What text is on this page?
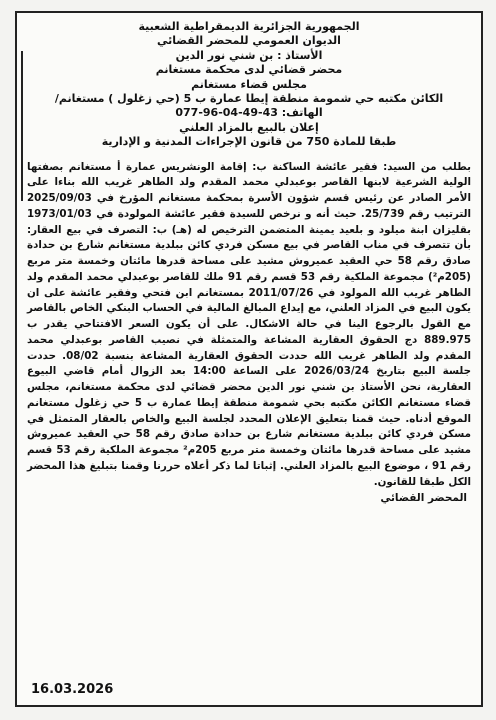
الجمهورية الجزائرية الديمقراطية الشعبية
الديوان العمومي للمحضر القضائي
الأستاذ : بن شني نور الدين
محضر قضائي لدى محكمة مستغانم
مجلس قضاء مستغانم
الكائن مكتبه حي شمومة منطقة إيطا عمارة ب 5 (حي زغلول ) مستغانم/
الهاتف: 43-49-04-96-077
إعلان بالبيع بالمزاد العلني
طبقا للمادة 750 من قانون الإجراءات المدنية و الإدارية
بطلب من السيد: فقير عائشة الساكنة ب: إقامة الونشريس عمارة أ مستغانم بصفتها الولية الشرعية لابنها القاصر بوعبدلي محمد المقدم ولد الطاهر غريب الله بناءا على الأمر الصادر عن رئيس قسم شؤون الأسرة بمحكمة مستغانم المؤرخ في 2025/09/03 الترتيب رقم 25/739. حيث أنه و نرخص للسيدة فقير عائشة المولودة في 1973/01/03 بقليزان ابنة ميلود و بلعيد يمينة المتضمن الترخيص له (هـ) ب: التصرف في بيع العقار: بأن تتصرف في مناب القاصر في بيع مسكن فردي كائن ببلدية مستغانم شارع بن حدادة صادق رقم 58 حي العقيد عميروش مشيد على مساحة قدرها مائتان وخمسة متر مربع (205م²) مجموعة الملكية رقم 53 قسم رقم 91 ملك للقاصر بوعبدلي محمد المقدم ولد الطاهر غريب الله المولود في 2011/07/26 بمستغانم ابن فتحي وفقير عائشة على ان يكون البيع في المزاد العلني، مع إيداع المبالغ المالية في الحساب البنكي الخاص بالقاصر مع القول بالرجوع الينا في حالة الاشكال. على أن يكون السعر الافتتاحي يقدر ب 889.975 دج الحقوق العقارية المشاعة والمتمثلة في نصيب القاصر بوعبدلي محمد المقدم ولد الطاهر غريب الله حددت الحقوق العقارية المشاعة بنسبة 08/02. حددت جلسة البيع بتاريخ 2026/03/24 على الساعة 14:00 بعد الزوال أمام قاضي البيوع العقارية، نحن الأستاذ بن شني نور الدين محضر قضائي لدى محكمة مستغانم، مجلس قضاء مستغانم الكائن مكتبه بحي شمومة منطقة إيطا عمارة ب 5 حي زغلول مستغانم الموقع أدناه. حيث قمنا بتعليق الإعلان المحدد لجلسة البيع والخاص بالعقار المتمثل في مسكن فردي كائن ببلدية مستغانم شارع بن حدادة صادق رقم 58 حي العقيد عميروش مشيد على مساحة قدرها مائتان وخمسة متر مربع 205م² مجموعة الملكية رقم 53 قسم رقم 91 ، موضوع البيع بالمزاد العلني. إثباتا لما ذكر أعلاه حررنا وقمنا بتبليغ هذا المحضر الكل طبقا للقانون.
المحضر القضائي
16.03.2026
